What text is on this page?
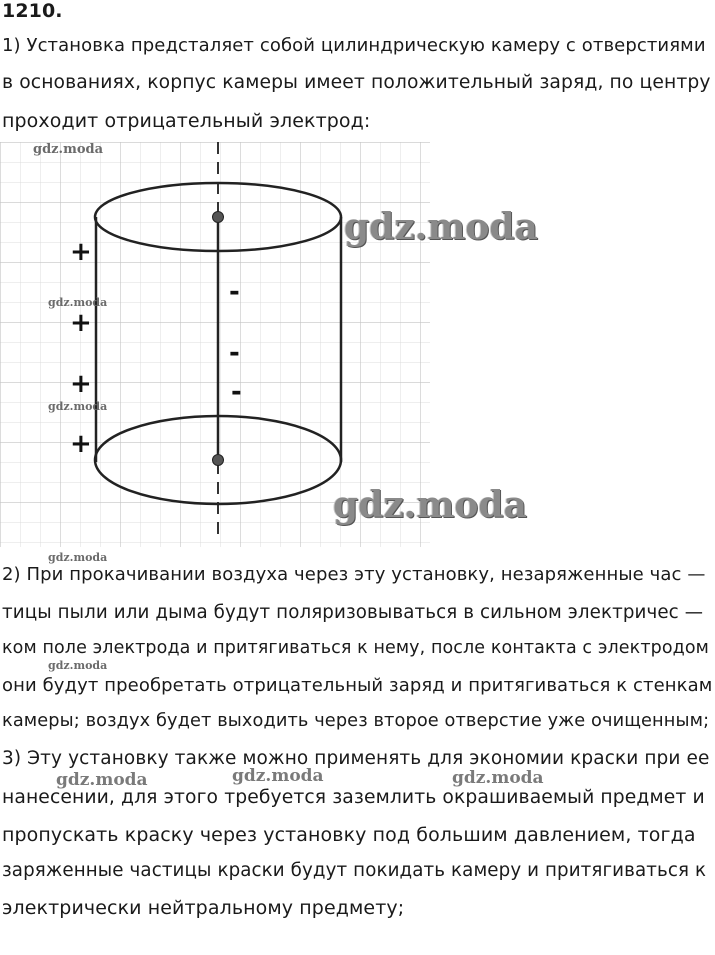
1210.
1) Установка предсталяет собой цилиндрическую камеру с отверстиями
в основаниях, корпус камеры имеет положительный заряд, по центру
проходит отрицательный электрод:
+
+
+
+
-
-
-
gdz.moda
gdz.moda
gdz.moda
gdz.moda
gdz.moda
gdz.moda
gdz.moda
gdz.moda	gdz.moda	gdz.moda
2) При прокачивании воздуха через эту установку, незаряженные час —
тицы пыли или дыма будут поляризовываться в сильном электричес —
ком поле электрода и притягиваться к нему, после контакта с электродом
они будут преобретать отрицательный заряд и притягиваться к стенкам
камеры; воздух будет выходить через второе отверстие уже очищенным;
3) Эту установку также можно применять для экономии краски при ее
нанесении, для этого требуется заземлить окрашиваемый предмет и
пропускать краску через установку под большим давлением, тогда
заряженные частицы краски будут покидать камеру и притягиваться к
электрически нейтральному предмету;
